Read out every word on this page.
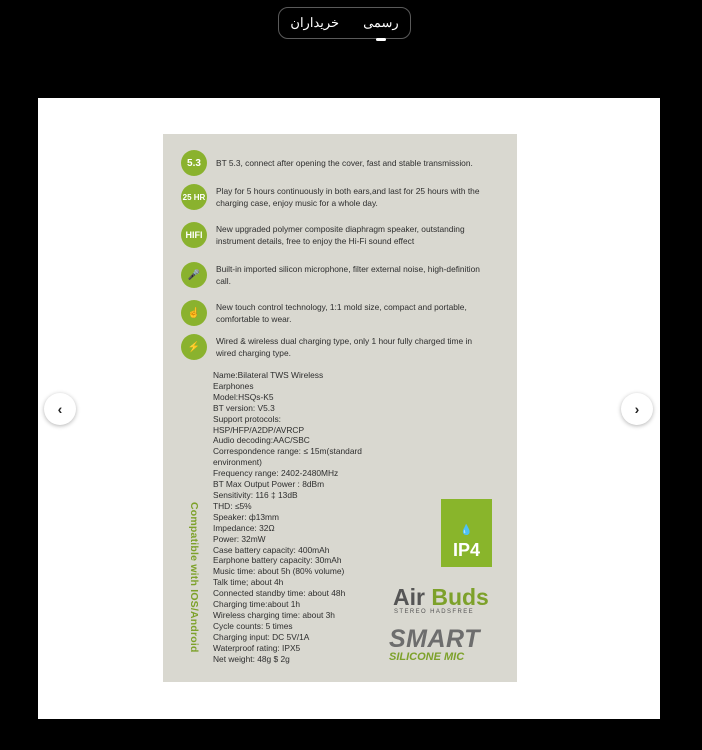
رسمی
خریداران
5.3	BT 5.3, connect after opening the cover, fast and stable transmission.
25 HR
Play for 5 hours continuously in both ears,and last for 25 hours with the charging case, enjoy music for a whole day.
HIFI
New upgraded polymer composite diaphragm speaker, outstanding instrument details, free to enjoy the Hi-Fi sound effect
🎤
Built-in imported silicon microphone, filter external noise, high-definition call.
☝
New touch control technology, 1:1 mold size, compact and portable, comfortable to wear.
⚡
Wired & wireless dual charging type, only 1 hour fully charged time in wired charging type.
Name:Bilateral TWS Wireless
Earphones
Model:HSQs-K5
BT version: V5.3
Support protocols:
HSP/HFP/A2DP/AVRCP
Audio decoding:AAC/SBC
Correspondence range: ≤ 15m(standard
environment)
Frequency range: 2402-2480MHz
BT Max Output Power : 8dBm
Sensitivity: 116 ‡ 13dB
THD: ≤5%
Speaker: ф13mm
Impedance: 32Ω
Power: 32mW
Case battery capacity: 400mAh
Earphone battery capacity: 30mAh
Music time: about 5h (80% volume)
Talk time; about 4h
Connected standby time: about 48h
Charging time:about 1h
Wireless charging time: about 3h
Cycle counts: 5 times
Charging input: DC 5V/1A
Waterproof rating: IPX5
Net weight: 48g $ 2g
Compatible with IOS/Android	💧
IP4
Air Buds
STEREO HADSFREE
SMART
SILICONE MIC
‹	›
